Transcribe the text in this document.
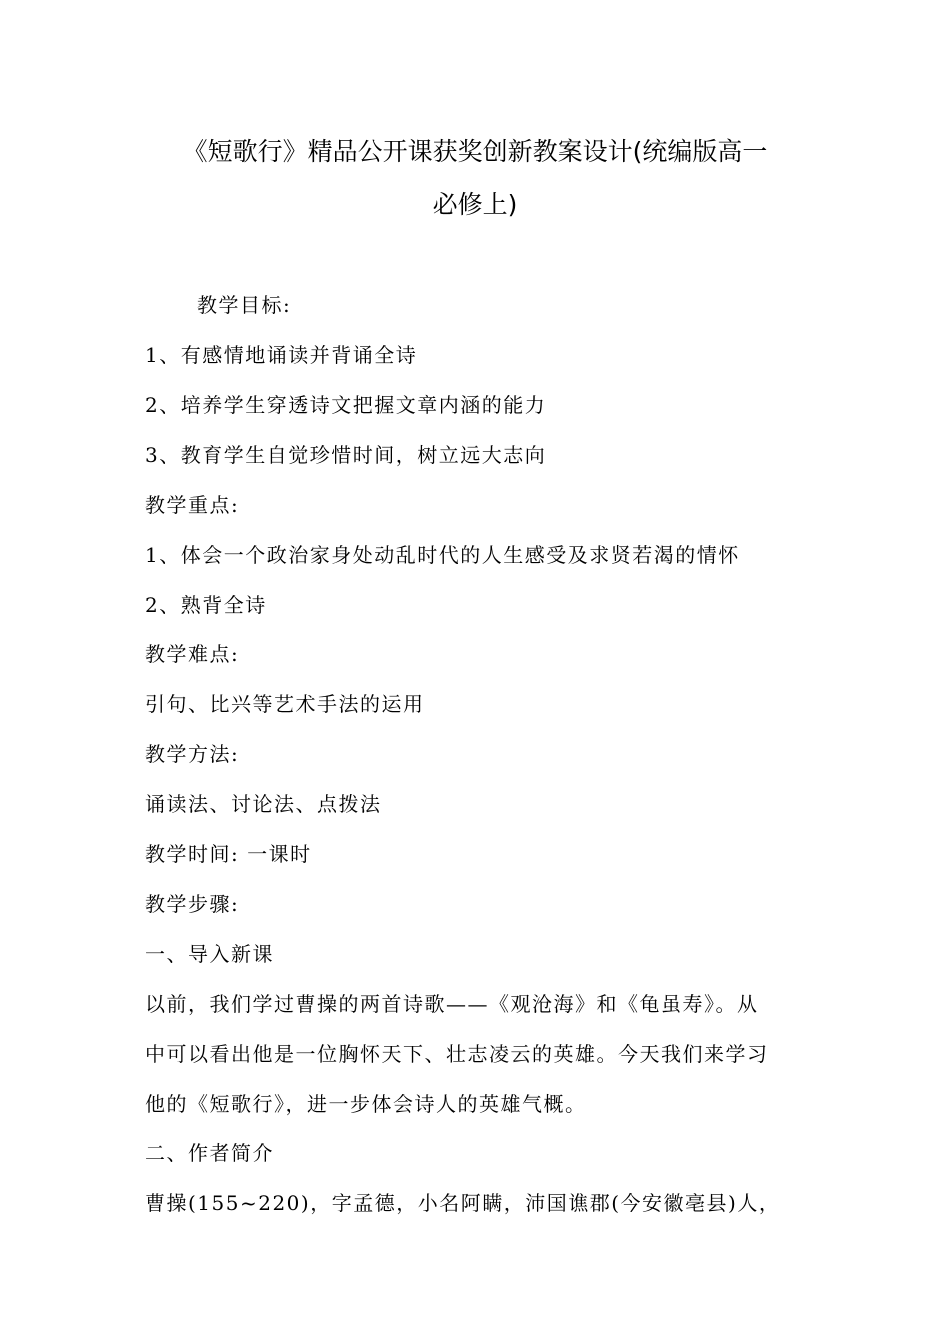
《短歌行》精品公开课获奖创新教案设计(统编版高一
必修上)
教学目标:
1、有感情地诵读并背诵全诗
2、培养学生穿透诗文把握文章内涵的能力
3、教育学生自觉珍惜时间，树立远大志向
教学重点:
1、体会一个政治家身处动乱时代的人生感受及求贤若渴的情怀
2、熟背全诗
教学难点:
引句、比兴等艺术手法的运用
教学方法:
诵读法、讨论法、点拨法
教学时间: 一课时
教学步骤:
一、导入新课
以前，我们学过曹操的两首诗歌——《观沧海》和《龟虽寿》。从
中可以看出他是一位胸怀天下、壮志凌云的英雄。今天我们来学习
他的《短歌行》，进一步体会诗人的英雄气概。
二、作者简介
曹操(155~220)，字孟德，小名阿瞒，沛国谯郡(今安徽亳县)人，
